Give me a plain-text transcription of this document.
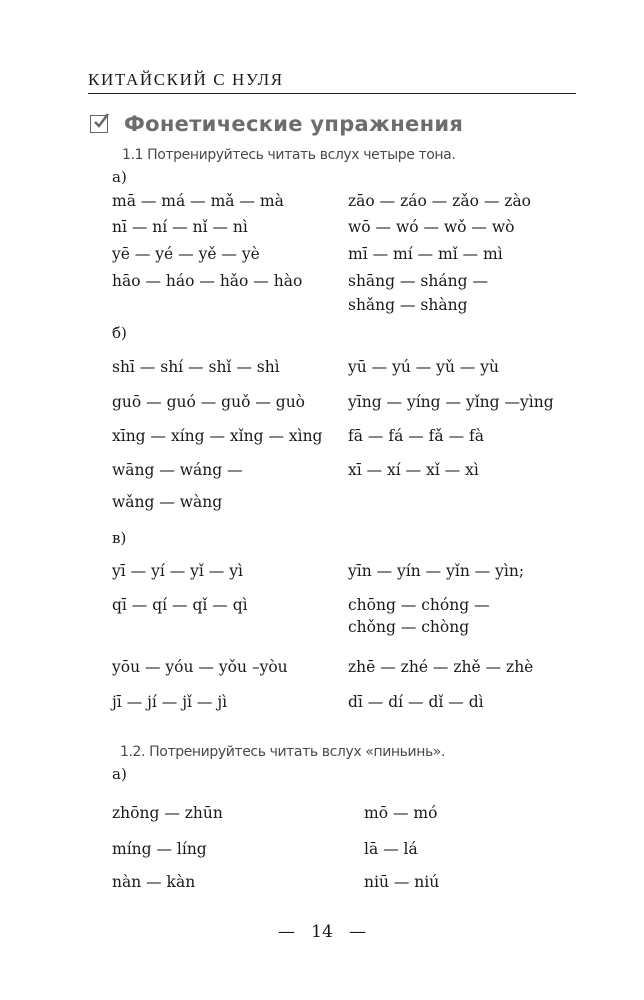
КИТАЙСКИЙ С НУЛЯ
Фонетические упражнения
1.1 Потренируйтесь читать вслух четыре тона.
а)
mā — má — mǎ — mà
nī — ní — nǐ — nì
yē — yé — yě — yè
hāo — háo — hǎo — hào
zāo — záo — zǎo — zào
wō — wó — wǒ — wò
mī — mí — mǐ — mì
shāng — sháng —
shǎng — shàng
б)
shī — shí — shǐ — shì
guō — guó — guǒ — guò
xīng — xíng — xǐng — xìng
wāng — wáng —
wǎng — wàng
yū — yú — yǔ — yù
yīng — yíng — yǐng —yìng
fā — fá — fǎ — fà
xī — xí — xǐ — xì
в)
yī — yí — yǐ — yì
qī — qí — qǐ — qì
yōu — yóu — yǒu –yòu
jī — jí — jǐ — jì
yīn — yín — yǐn — yìn;
chōng — chóng —
chǒng — chòng
zhē — zhé — zhě — zhè
dī — dí — dǐ — dì
1.2. Потренируйтесь читать вслух «пиньинь».
а)
zhōng — zhūn
míng — líng
nàn — kàn
mō — mó
lā — lá
niū — niú
—   14   —
